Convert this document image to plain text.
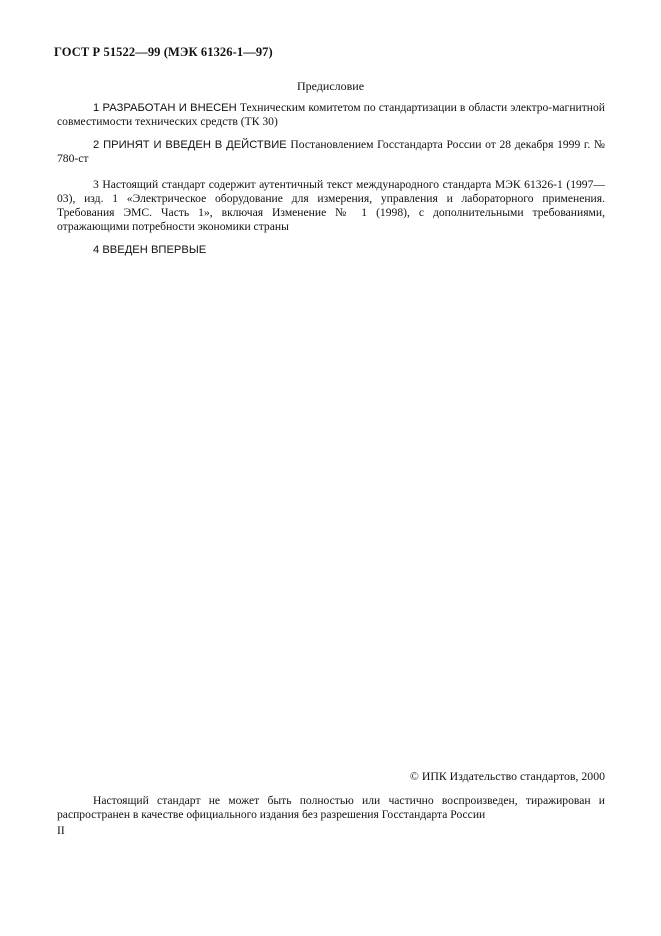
ГОСТ Р 51522—99 (МЭК 61326-1—97)
Предисловие
1 РАЗРАБОТАН И ВНЕСЕН Техническим комитетом по стандартизации в области электро-магнитной совместимости технических средств (ТК 30)
2 ПРИНЯТ И ВВЕДЕН В ДЕЙСТВИЕ Постановлением Госстандарта России от 28 декабря 1999 г. № 780-ст
3 Настоящий стандарт содержит аутентичный текст международного стандарта МЭК 61326-1 (1997—03), изд. 1 «Электрическое оборудование для измерения, управления и лабораторного применения. Требования ЭМС. Часть 1», включая Изменение № 1 (1998), с дополнительными требованиями, отражающими потребности экономики страны
4 ВВЕДЕН ВПЕРВЫЕ
© ИПК Издательство стандартов, 2000
Настоящий стандарт не может быть полностью или частично воспроизведен, тиражирован и распространен в качестве официального издания без разрешения Госстандарта России
II
